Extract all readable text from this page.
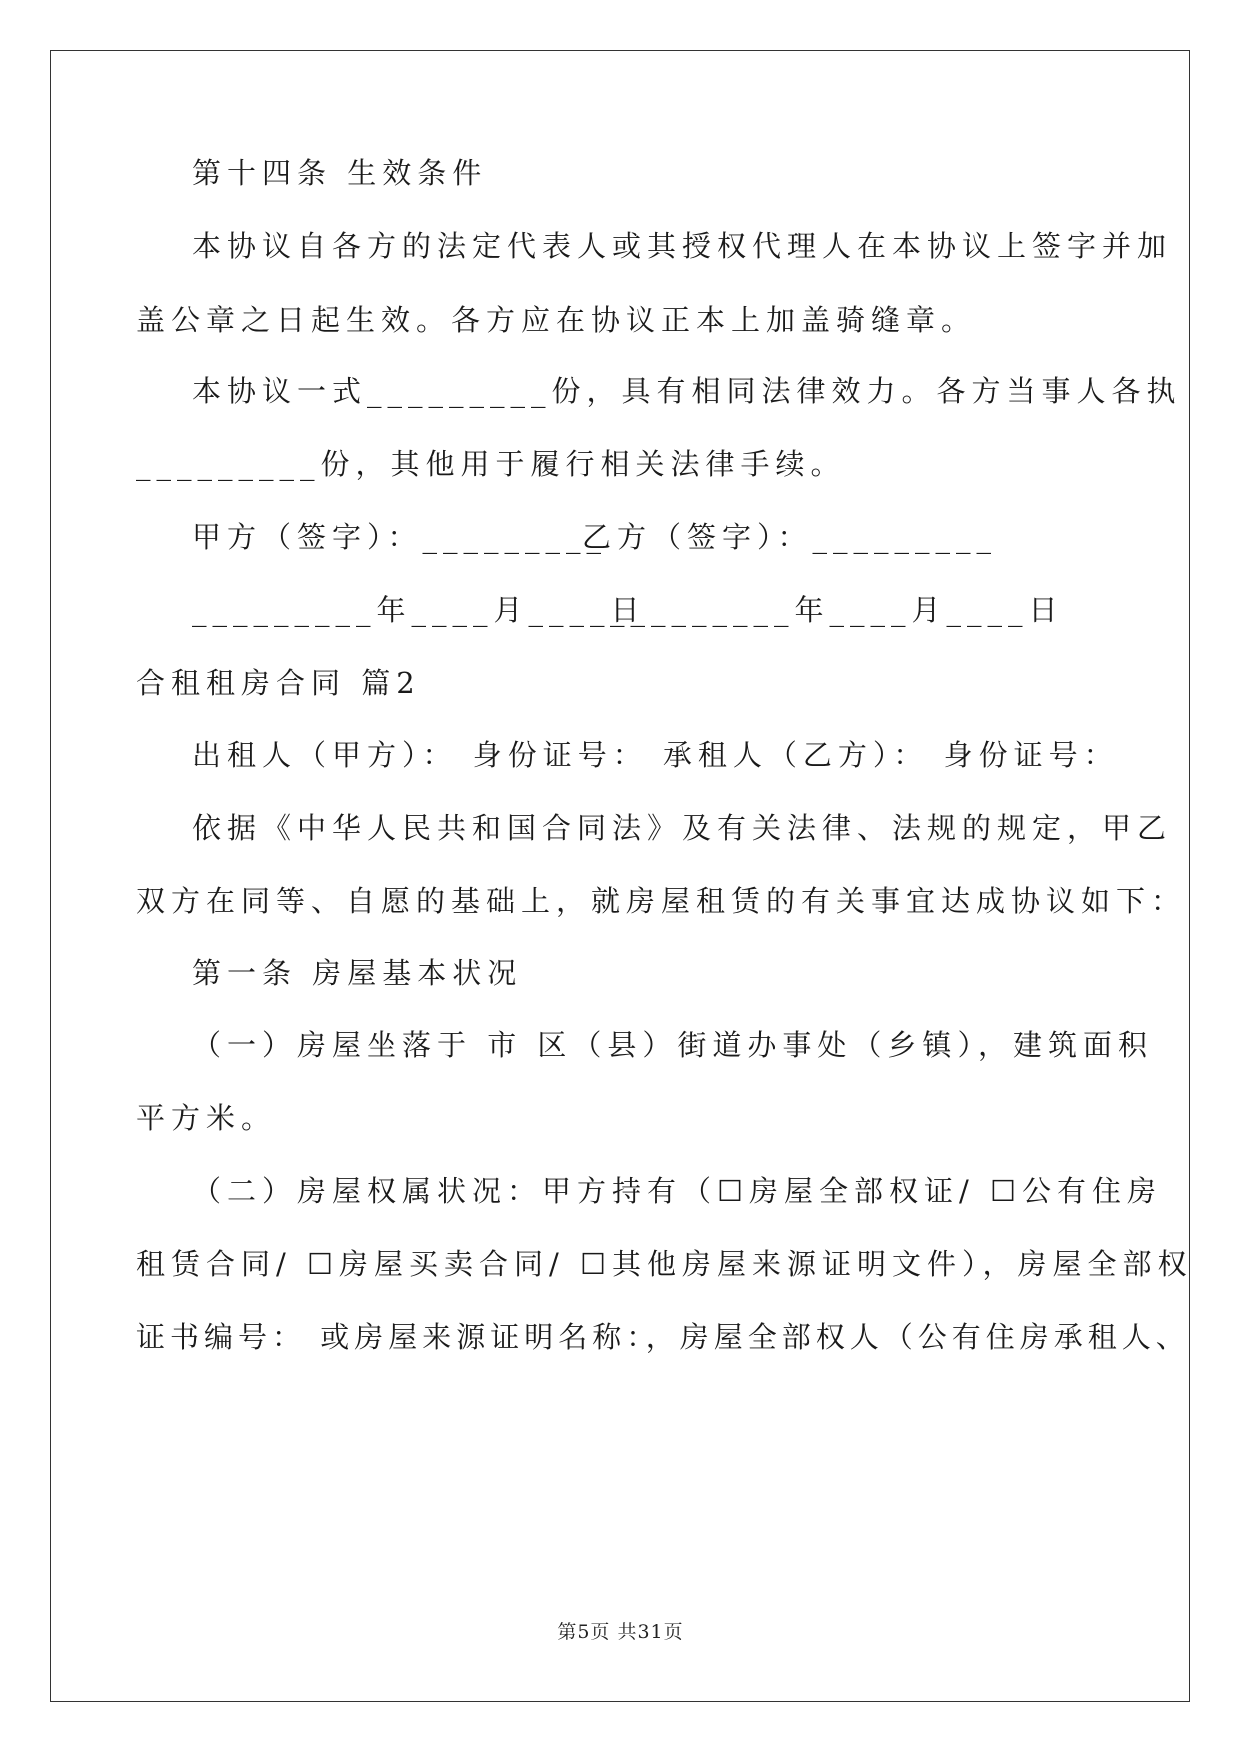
第十四条 生效条件
本协议自各方的法定代表人或其授权代理人在本协议上签字并加
盖公章之日起生效。各方应在协议正本上加盖骑缝章。
本协议一式_________份，具有相同法律效力。各方当事人各执
_________份，其他用于履行相关法律手续。
甲方（签字）：_________
乙方（签字）：_________
_________年____月____日
_________年____月____日
合租租房合同 篇2
出租人（甲方）： 身份证号： 承租人（乙方）： 身份证号：
依据《中华人民共和国合同法》及有关法律、法规的规定，甲乙
双方在同等、自愿的基础上，就房屋租赁的有关事宜达成协议如下：
第一条 房屋基本状况
（一）房屋坐落于 市 区（县）街道办事处（乡镇），建筑面积
平方米。
（二）房屋权属状况：甲方持有（☐房屋全部权证/ ☐公有住房
租赁合同/ ☐房屋买卖合同/ ☐其他房屋来源证明文件），房屋全部权
证书编号： 或房屋来源证明名称：，房屋全部权人（公有住房承租人、
第5页 共31页
